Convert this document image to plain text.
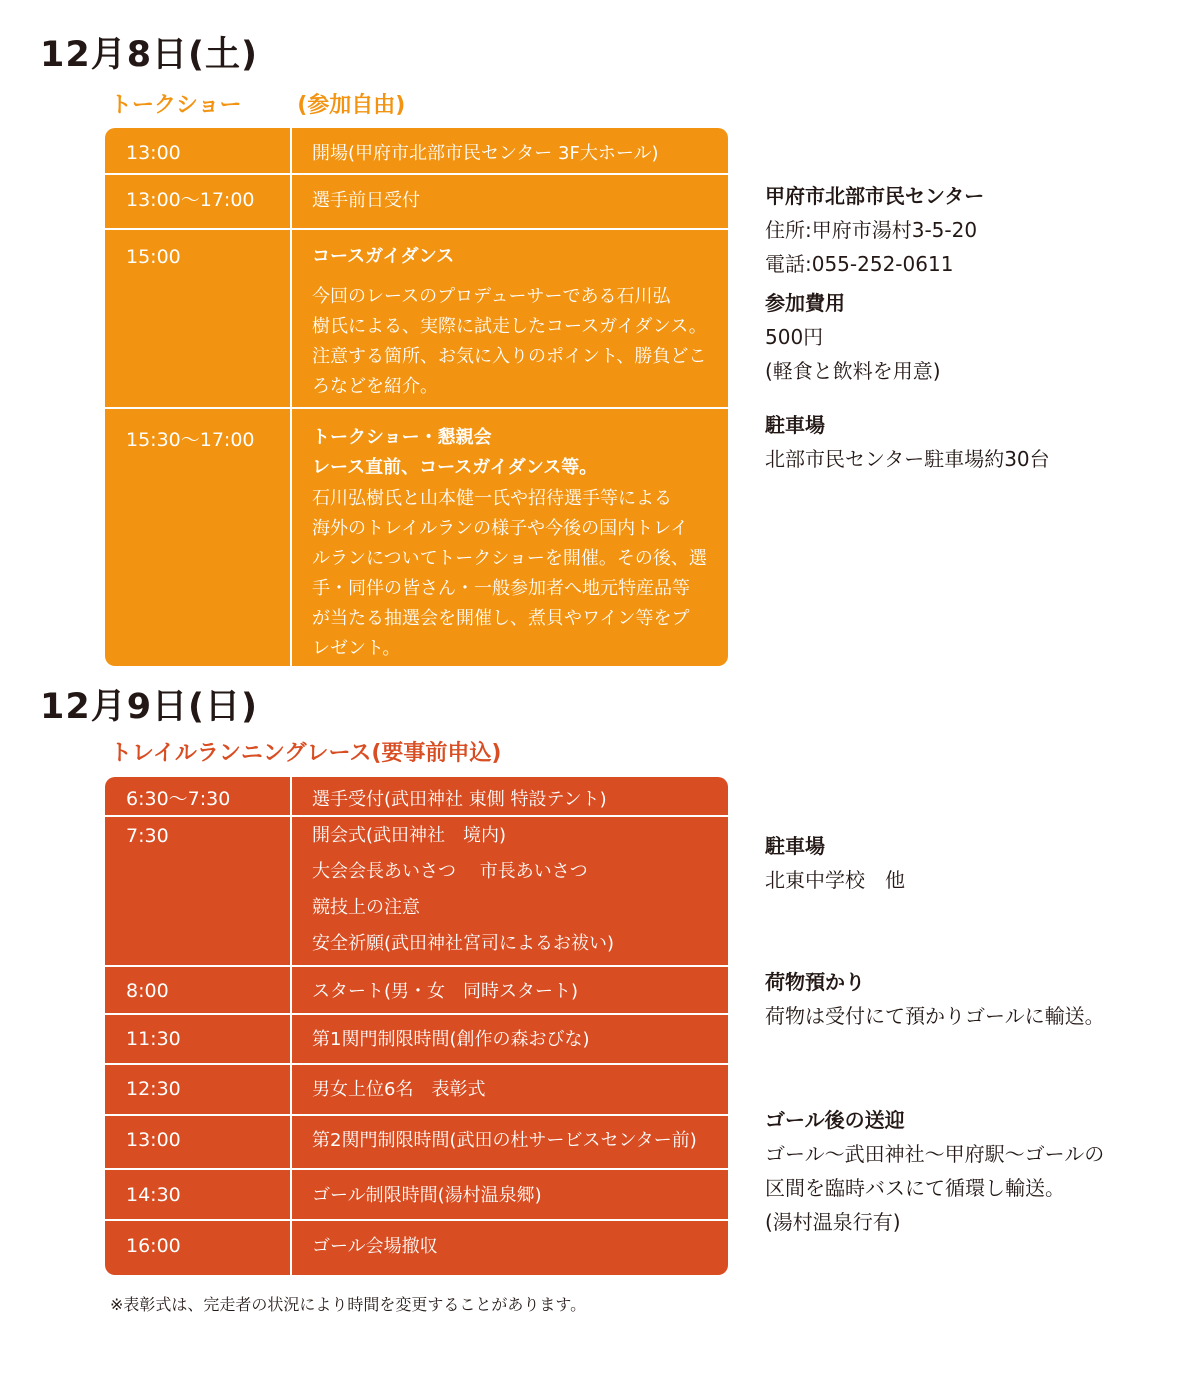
12月8日(土)
トークショー	(参加自由)
13:00	開場(甲府市北部市民センター 3F大ホール)
13:00〜17:00	選手前日受付
15:00	コースガイダンス
今回のレースのプロデューサーである石川弘
樹氏による、実際に試走したコースガイダンス。
注意する箇所、お気に入りのポイント、勝負どこ
ろなどを紹介。
15:30〜17:00	トークショー・懇親会
レース直前、コースガイダンス等。
石川弘樹氏と山本健一氏や招待選手等による
海外のトレイルランの様子や今後の国内トレイ
ルランについてトークショーを開催。その後、選
手・同伴の皆さん・一般参加者へ地元特産品等
が当たる抽選会を開催し、煮貝やワイン等をプ
レゼント。
12月9日(日)
トレイルランニングレース(要事前申込)
6:30〜7:30	選手受付(武田神社 東側 特設テント)
7:30	開会式(武田神社　境内)
大会会長あいさつ　 市長あいさつ
競技上の注意
安全祈願(武田神社宮司によるお祓い)
8:00	スタート(男・女　同時スタート)
11:30	第1関門制限時間(創作の森おびな)
12:30	男女上位6名　表彰式
13:00	第2関門制限時間(武田の杜サービスセンター前)
14:30	ゴール制限時間(湯村温泉郷)
16:00	ゴール会場撤収
※表彰式は、完走者の状況により時間を変更することがあります。
甲府市北部市民センター
住所:甲府市湯村3-5-20
電話:055-252-0611
参加費用
500円
(軽食と飲料を用意)
駐車場
北部市民センター駐車場約30台
駐車場
北東中学校　他
荷物預かり
荷物は受付にて預かりゴールに輸送。
ゴール後の送迎
ゴール〜武田神社〜甲府駅〜ゴールの
区間を臨時バスにて循環し輸送。
(湯村温泉行有)
